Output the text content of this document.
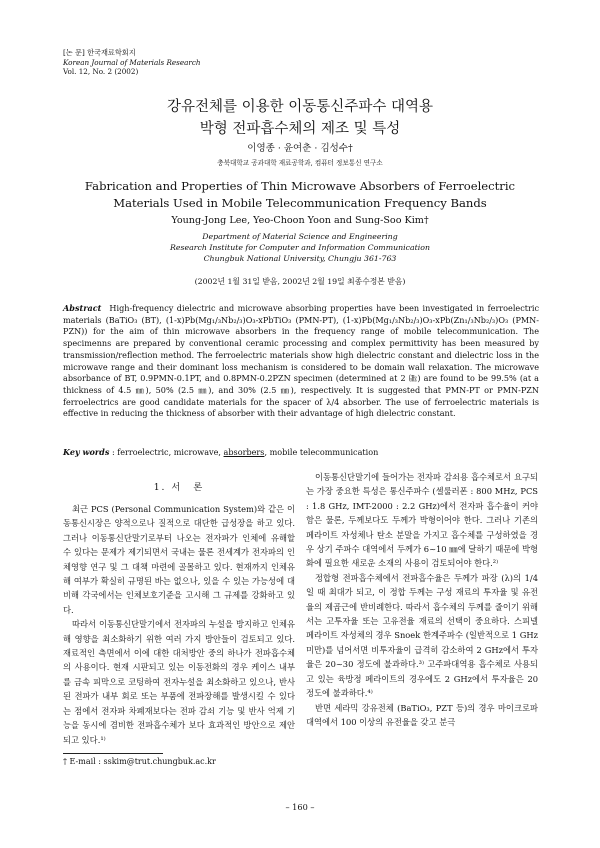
[논 문] 한국재료학회지
Korean Journal of Materials Research
Vol. 12, No. 2 (2002)
강유전체를 이용한 이동통신주파수 대역용
박형 전파흡수체의 제조 및 특성
이영종 · 윤여춘 · 김성수†
충북대학교 공과대학 재료공학과, 컴퓨터 정보통신 연구소
Fabrication and Properties of Thin Microwave Absorbers of Ferroelectric
Materials Used in Mobile Telecommunication Frequency Bands
Young-Jong Lee, Yeo-Choon Yoon and Sung-Soo Kim†
Department of Material Science and Engineering
Research Institute for Computer and Information Communication
Chungbuk National University, Chungju 361-763
(2002년 1월 31일 받음, 2002년 2월 19일 최종수정본 받음)
Abstract High-frequency dielectric and microwave absorbing properties have been investigated in ferroelectric materials (BaTiO₃ (BT), (1-x)Pb(Mg₁/₃Nb₂/₃)O₃-xPbTiO₃ (PMN-PT), (1-x)Pb(Mg₁/₃Nb₂/₃)O₃-xPb(Zn₁/₃Nb₂/₃)O₃ (PMN-PZN)) for the aim of thin microwave absorbers in the frequency range of mobile telecommunication. The specimenns are prepared by conventional ceramic processing and complex permittivity has been measured by transmission/reflection method. The ferroelectric materials show high dielectric constant and dielectric loss in the microwave range and their dominant loss mechanism is considered to be domain wall relaxation. The microwave absorbance of BT, 0.9PMN-0.1PT, and 0.8PMN-0.2PZN specimen (determined at 2 ㎓) are found to be 99.5% (at a thickness of 4.5 ㎜), 50% (2.5 ㎜), and 30% (2.5 ㎜), respectively. It is suggested that PMN-PT or PMN-PZN ferroelectrics are good candidate materials for the spacer of λ/4 absorber. The use of ferroelectric materials is effective in reducing the thickness of absorber with their advantage of high dielectric constant.
Key words : ferroelectric, microwave, absorbers, mobile telecommunication
1. 서　론

최근 PCS (Personal Communication System)와 같은 이동통신시장은 양적으로나 질적으로 대단한 급성장을 하고 있다. 그러나 이동통신단말기로부터 나오는 전자파가 인체에 유해할 수 있다는 문제가 제기되면서 국내는 물론 전세계가 전자파의 인체영향 연구 및 그 대책 마련에 골몰하고 있다. 현재까지 인체유해 여부가 확실히 규명된 바는 없으나, 있을 수 있는 가능성에 대비해 각국에서는 인체보호기준을 고시해 그 규제를 강화하고 있다.

따라서 이동통신단말기에서 전자파의 누설을 방지하고 인체유해 영향을 최소화하기 위한 여러 가지 방안들이 검토되고 있다. 재료적인 측면에서 이에 대한 대처방안 중의 하나가 전파흡수체의 사용이다. 현재 시판되고 있는 이동전화의 경우 케이스 내부를 금속 피막으로 코팅하여 전자누설을 최소화하고 있으나, 반사된 전파가 내부 회로 또는 부품에 전파장해를 발생시킬 수 있다는 점에서 전자파 차폐재보다는 전파 감쇠 기능 및 반사 억제 기능을 동시에 겸비한 전파흡수체가 보다 효과적인 방안으로 제안되고 있다.¹⁾

이동통신단말기에 들어가는 전자파 감쇠용 흡수체로서 요구되는 가장 중요한 특성은 통신주파수 (셀룰러폰 : 800 MHz, PCS : 1.8 GHz, IMT-2000 : 2.2 GHz)에서 전자파 흡수율이 커야함은 물론, 두께보다도 두께가 박형이어야 한다. 그러나 기존의 페라이트 자성체나 탄소 분말을 가지고 흡수체를 구성하였을 경우 상기 주파수 대역에서 두께가 6~10 ㎜에 달하기 때문에 박형화에 필요한 새로운 소재의 사용이 검토되어야 한다.²⁾

정합형 전파흡수체에서 전파흡수율은 두께가 파장 (λ)의 1/4일 때 최대가 되고, 이 정합 두께는 구성 재료의 투자율 및 유전율의 제곱근에 반비례한다. 따라서 흡수체의 두께를 줄이기 위해서는 고투자율 또는 고유전율 재료의 선택이 중요하다. 스피넬 페라이트 자성체의 경우 Snoek 한계주파수 (일반적으로 1 GHz 미만)를 넘어서면 비투자율이 급격히 감소하여 2 GHz에서 투자율은 20~30 정도에 불과하다.³⁾ 고주파대역용 흡수체로 사용되고 있는 육방정 페라이트의 경우에도 2 GHz에서 투자율은 20 정도에 불과하다.⁴⁾

반면 세라믹 강유전체 (BaTiO₃, PZT 등)의 경우 마이크로파 대역에서 100 이상의 유전율을 갖고 분극

† E-mail : sskim@trut.chungbuk.ac.kr
– 160 –
